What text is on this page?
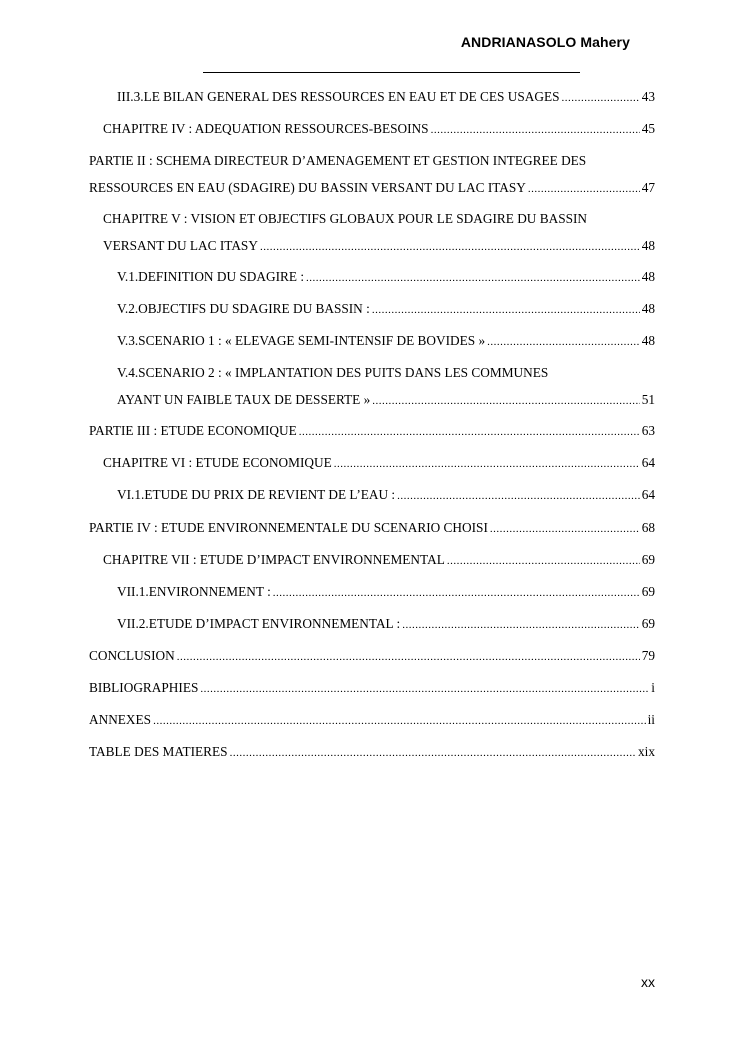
ANDRIANASOLO Mahery
III.3.LE BILAN GENERAL DES RESSOURCES EN EAU ET DE CES USAGES .....	43
CHAPITRE IV : ADEQUATION RESSOURCES-BESOINS .....	45
PARTIE II : SCHEMA DIRECTEUR D’AMENAGEMENT ET GESTION INTEGREE DES
RESSOURCES EN EAU (SDAGIRE) DU BASSIN VERSANT DU LAC ITASY .....	47
CHAPITRE V : VISION ET OBJECTIFS GLOBAUX POUR LE SDAGIRE DU BASSIN
VERSANT DU LAC ITASY .....	48
V.1.DEFINITION DU SDAGIRE : .....	48
V.2.OBJECTIFS DU SDAGIRE DU BASSIN : .....	48
V.3.SCENARIO 1 : « ELEVAGE SEMI-INTENSIF DE BOVIDES » .....	48
V.4.SCENARIO 2 : « IMPLANTATION DES PUITS DANS LES COMMUNES
AYANT UN FAIBLE TAUX DE DESSERTE » .....	51
PARTIE III : ETUDE ECONOMIQUE .....	63
CHAPITRE VI : ETUDE ECONOMIQUE .....	64
VI.1.ETUDE DU PRIX DE REVIENT DE L’EAU : .....	64
PARTIE IV : ETUDE ENVIRONNEMENTALE DU SCENARIO CHOISI .....	68
CHAPITRE VII : ETUDE D’IMPACT ENVIRONNEMENTAL .....	69
VII.1.ENVIRONNEMENT : .....	69
VII.2.ETUDE D’IMPACT ENVIRONNEMENTAL : .....	69
CONCLUSION .....	79
BIBLIOGRAPHIES .....	i
ANNEXES .....	ii
TABLE DES MATIERES .....	xix
xx
